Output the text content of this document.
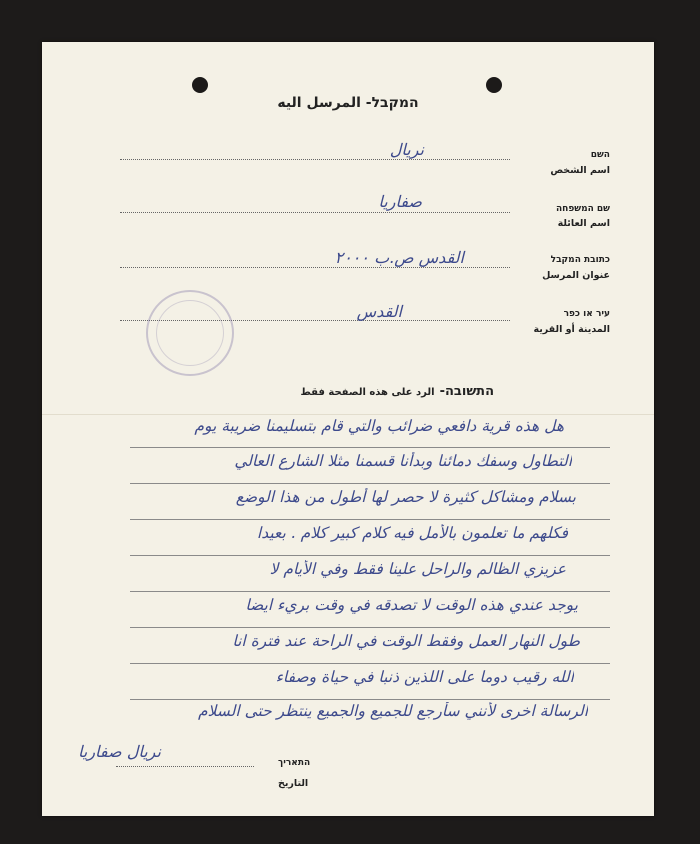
המקבל- المرسل اليه
השם
اسم الشخص
نريال
שם המשפחה
اسم العائلة
صفاريا
כתובת המקבל
عنوان المرسل
القدس ص.ب ٢٠٠٠
עיר או כפר
المدينة أو القرية
القدس
התשובה- الرد على هذه الصفحة فقط
هل هذه قرية دافعي ضرائب والتي قام بتسليمنا ضريبة يوم
التطاول وسفك دمائنا وبدأنا قسمنا مثلا الشارع العالي
بسلام ومشاكل كثيرة لا حصر لها أطول من هذا الوضع
فكلهم ما تعلمون بالأمل فيه كلام كبير كلام . بعيدا
عزيزي الظالم والراحل علينا فقط وفي الأيام لا
يوجد عندي هذه الوقت لا تصدقه في وقت بريء ايضا
طول النهار العمل وفقط الوقت في الراحة عند فترة انا
الله رقيب دوما على اللذين ذنبا في حياة وصفاء
الرسالة اخرى لأنني سأرجع للجميع والجميع ينتظر حتى السلام
התאריך
التاريخ
نريال صفاريا
